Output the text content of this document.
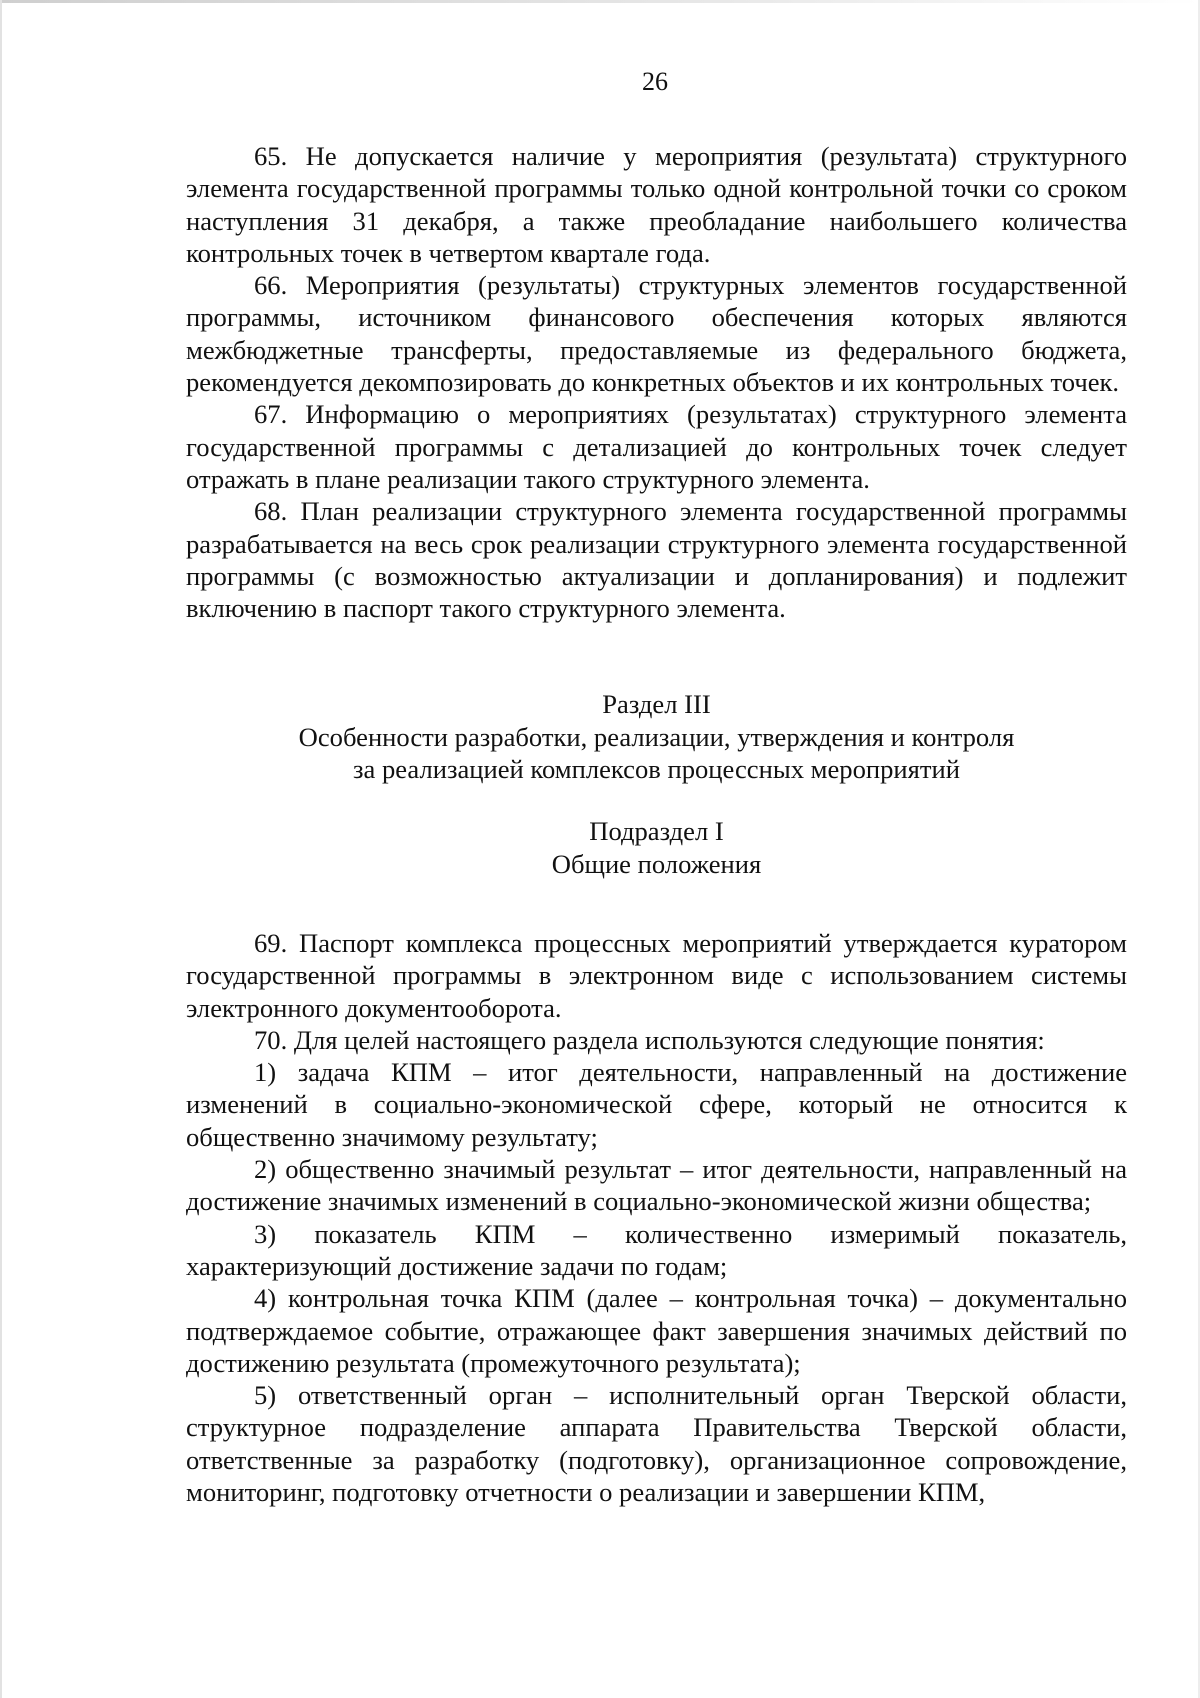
26

65. Не допускается наличие у мероприятия (результата) структурного элемента государственной программы только одной контрольной точки со сроком наступления 31 декабря, а также преобладание наибольшего количества контрольных точек в четвертом квартале года.

66. Мероприятия (результаты) структурных элементов государственной программы, источником финансового обеспечения которых являются межбюджетные трансферты, предоставляемые из федерального бюджета, рекомендуется декомпозировать до конкретных объектов и их контрольных точек.

67. Информацию о мероприятиях (результатах) структурного элемента государственной программы с детализацией до контрольных точек следует отражать в плане реализации такого структурного элемента.

68. План реализации структурного элемента государственной программы разрабатывается на весь срок реализации структурного элемента государственной программы (с возможностью актуализации и допланирования) и подлежит включению в паспорт такого структурного элемента.

Раздел III

Особенности разработки, реализации, утверждения и контроля

за реализацией комплексов процессных мероприятий

Подраздел I

Общие положения

69. Паспорт комплекса процессных мероприятий утверждается куратором государственной программы в электронном виде с использованием системы электронного документооборота.

70. Для целей настоящего раздела используются следующие понятия:

1) задача КПМ – итог деятельности, направленный на достижение изменений в социально-экономической сфере, который не относится к общественно значимому результату;

2) общественно значимый результат – итог деятельности, направленный на достижение значимых изменений в социально-экономической жизни общества;

3) показатель КПМ – количественно измеримый показатель, характеризующий достижение задачи по годам;

4) контрольная точка КПМ (далее – контрольная точка) – документально подтверждаемое событие, отражающее факт завершения значимых действий по достижению результата (промежуточного результата);

5) ответственный орган – исполнительный орган Тверской области, структурное подразделение аппарата Правительства Тверской области, ответственные за разработку (подготовку), организационное сопровождение, мониторинг, подготовку отчетности о реализации и завершении КПМ,
